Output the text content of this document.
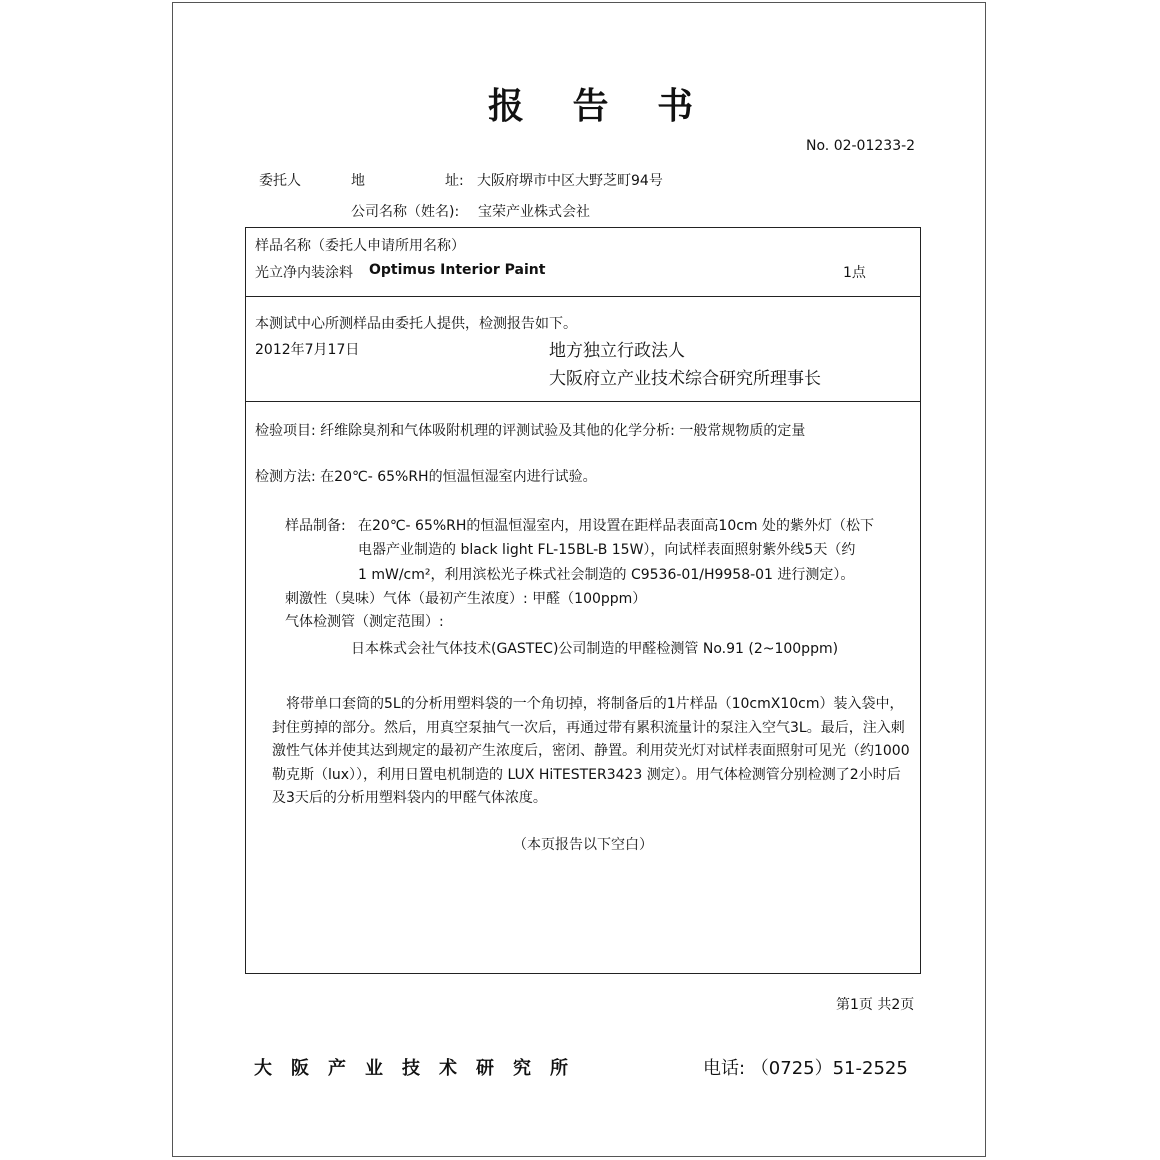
报 告 书
No. 02-01233-2
委托人	地	址: 大阪府堺市中区大野芝町94号
公司名称（姓名): 宝荣产业株式会社
样品名称（委托人申请所用名称）
光立净内装涂料 Optimus Interior Paint	1点
本测试中心所测样品由委托人提供，检测报告如下。
2012年7月17日	地方独立行政法人
大阪府立产业技术综合研究所理事长
检验项目: 纤维除臭剂和气体吸附机理的评测试验及其他的化学分析: 一般常规物质的定量
检测方法: 在20℃- 65%RH的恒温恒湿室内进行试验。
样品制备: 在20℃- 65%RH的恒温恒湿室内，用设置在距样品表面高10cm 处的紫外灯（松下
电器产业制造的 black light FL-15BL-B 15W），向试样表面照射紫外线5天（约
1 mW/cm²，利用滨松光子株式社会制造的 C9536-01/H9958-01 进行测定）。
刺激性（臭味）气体（最初产生浓度）: 甲醛（100ppm）
气体检测管（测定范围）:
日本株式会社气体技术(GASTEC)公司制造的甲醛检测管 No.91 (2~100ppm)
将带单口套筒的5L的分析用塑料袋的一个角切掉，将制备后的1片样品（10cmX10cm）装入袋中，封住剪掉的部分。然后，用真空泵抽气一次后，再通过带有累积流量计的泵注入空气3L。最后，注入刺激性气体并使其达到规定的最初产生浓度后，密闭、静置。利用荧光灯对试样表面照射可见光（约1000勒克斯（lux）），利用日置电机制造的 LUX HiTESTER3423 测定）。用气体检测管分别检测了2小时后及3天后的分析用塑料袋内的甲醛气体浓度。
（本页报告以下空白）
第1页 共2页
大阪产业技术研究所	电话: （0725）51-2525
